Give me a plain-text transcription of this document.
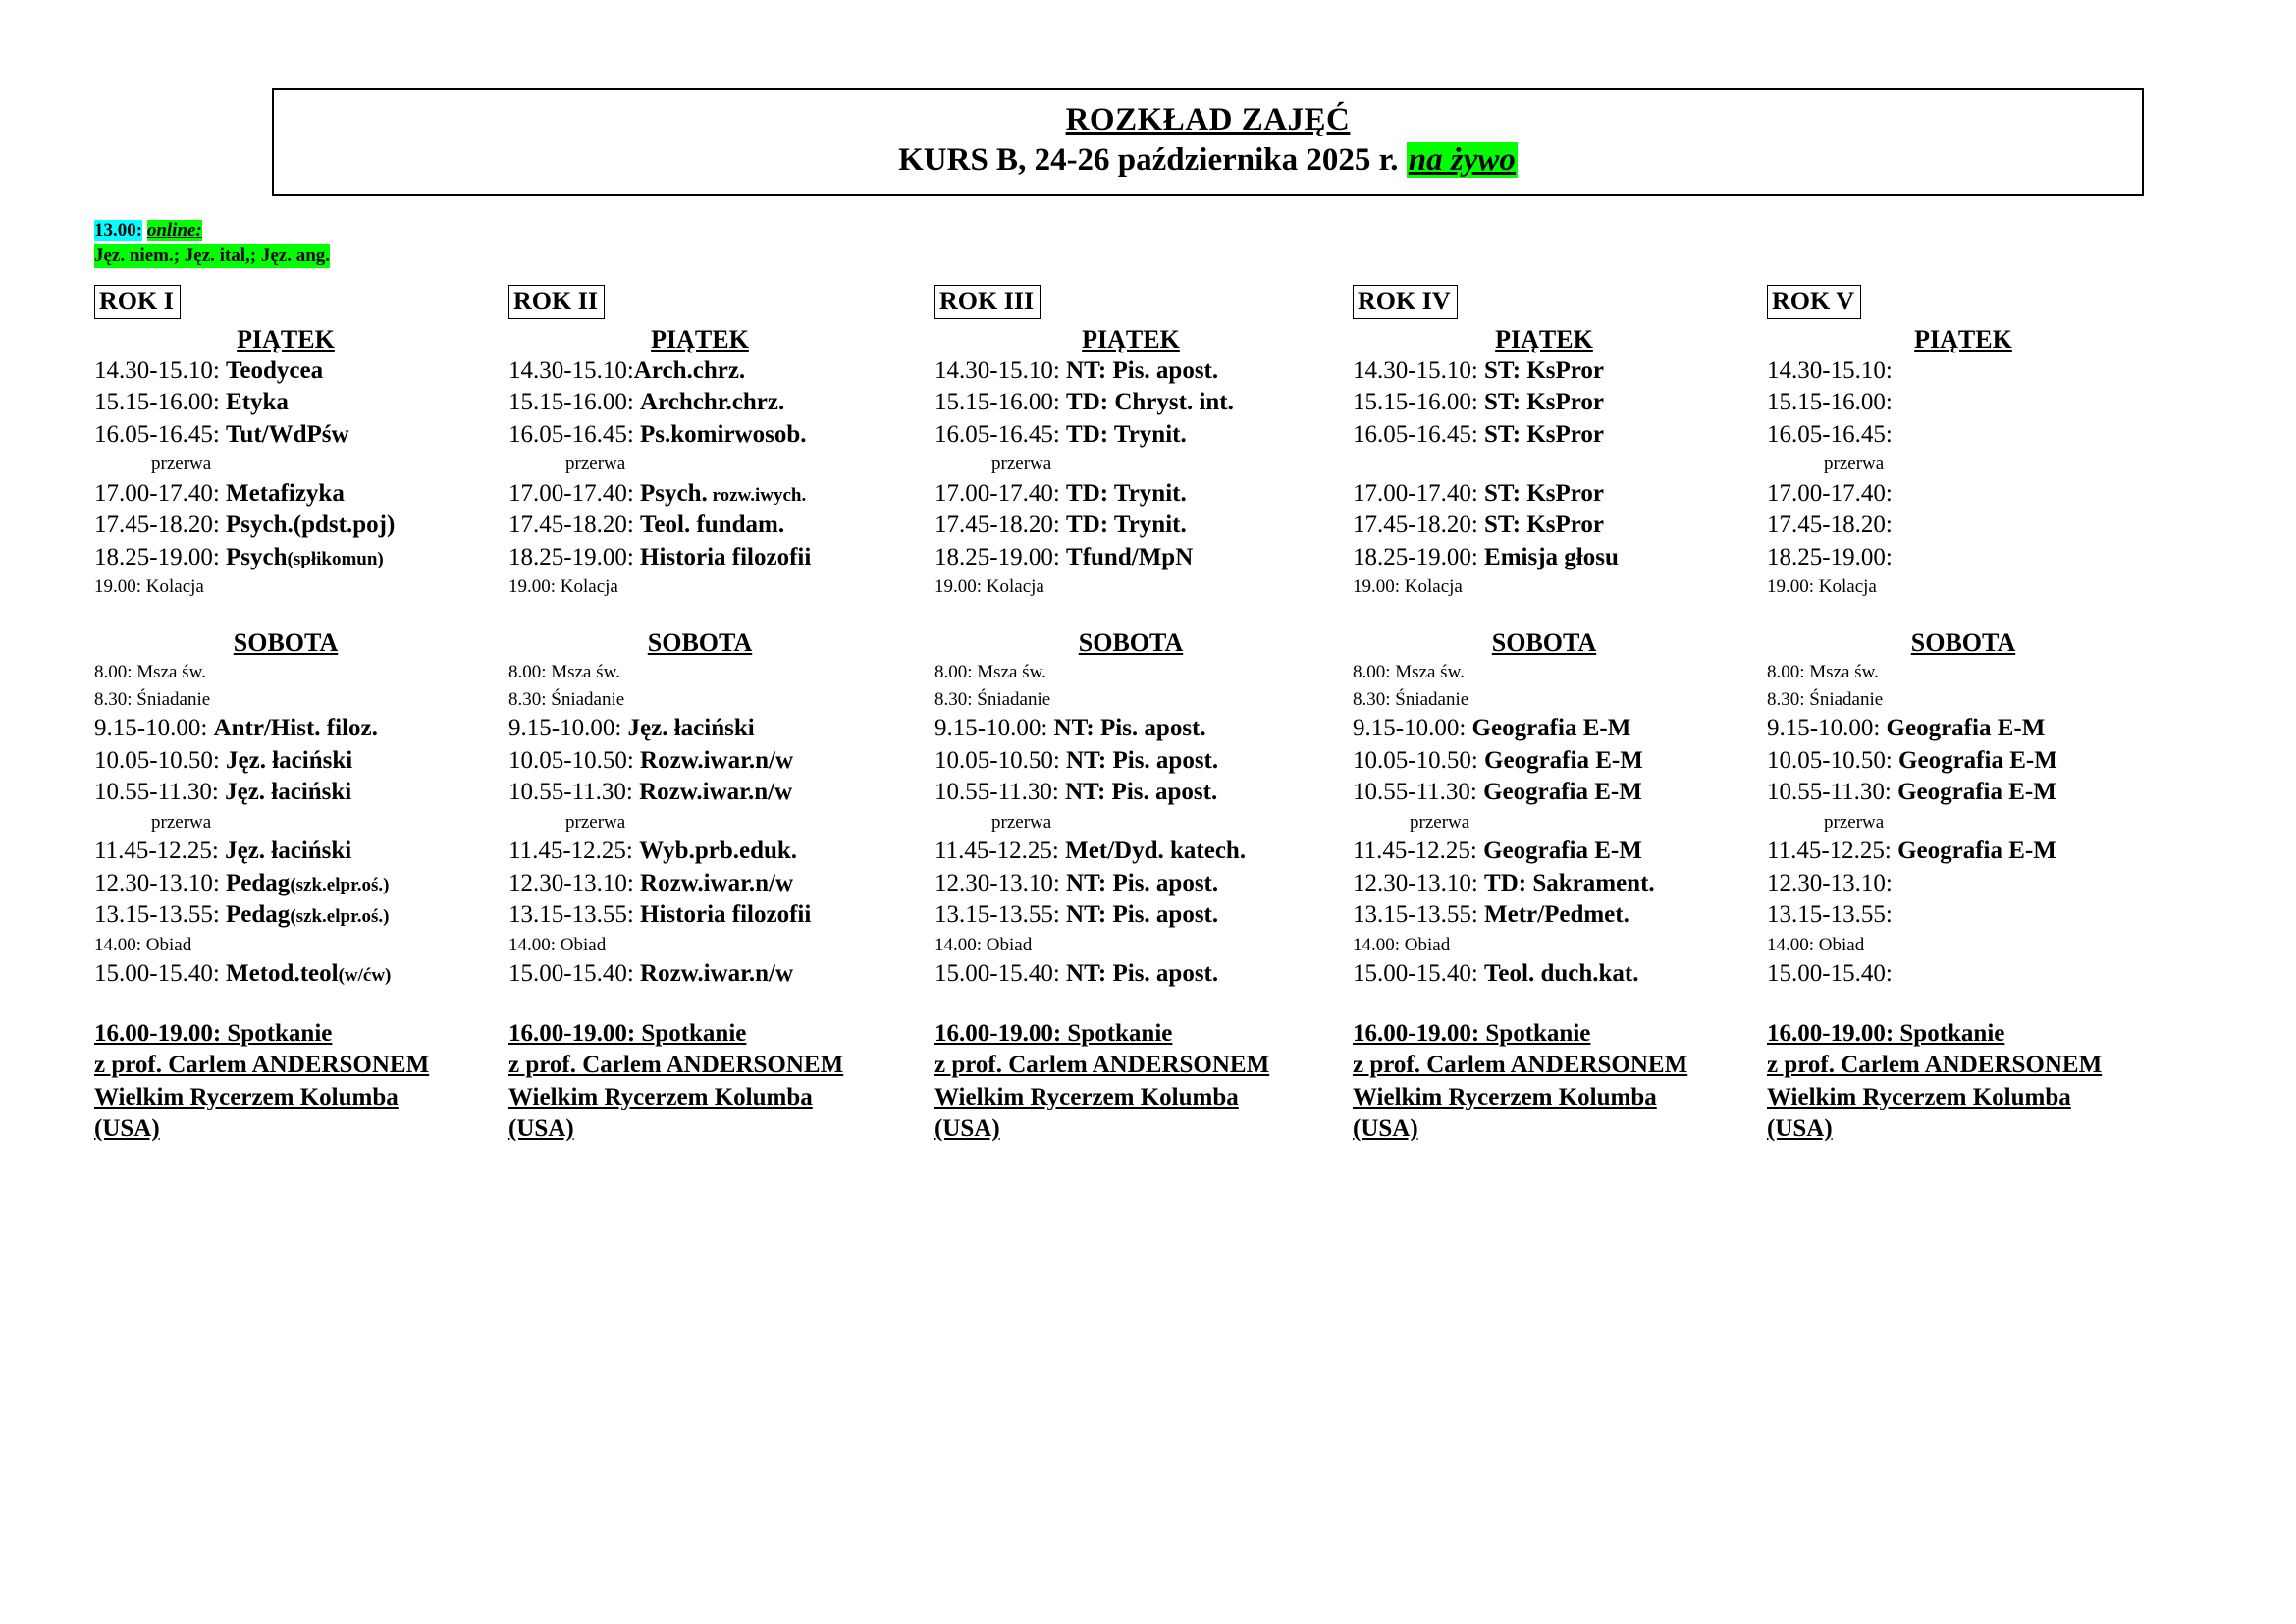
ROZKŁAD ZAJĘĆ
KURS B, 24-26 października 2025 r. na żywo
13.00: online:
Jęz. niem.; Jęz. ital,; Jęz. ang.
ROK I
PIĄTEK
14.30-15.10: Teodycea
15.15-16.00: Etyka
16.05-16.45: Tut/WdPśw
przerwa
17.00-17.40: Metafizyka
17.45-18.20: Psych.(pdst.poj)
18.25-19.00: Psych(spłikomun)
19.00: Kolacja
SOBOTA
8.00: Msza św.
8.30: Śniadanie
9.15-10.00: Antr/Hist. filoz.
10.05-10.50: Jęz. łaciński
10.55-11.30: Jęz. łaciński
przerwa
11.45-12.25: Jęz. łaciński
12.30-13.10: Pedag(szk.elpr.oś.)
13.15-13.55: Pedag(szk.elpr.oś.)
14.00: Obiad
15.00-15.40: Metod.teol(w/ćw)
16.00-19.00: Spotkanie
z prof. Carlem ANDERSONEM
Wielkim Rycerzem Kolumba
(USA)
ROK II
PIĄTEK
14.30-15.10:Arch.chrz.
15.15-16.00: Archchr.chrz.
16.05-16.45: Ps.komirwosob.
przerwa
17.00-17.40: Psych. rozw.iwych.
17.45-18.20: Teol. fundam.
18.25-19.00: Historia filozofii
19.00: Kolacja
SOBOTA
8.00: Msza św.
8.30: Śniadanie
9.15-10.00: Jęz. łaciński
10.05-10.50: Rozw.iwar.n/w
10.55-11.30: Rozw.iwar.n/w
przerwa
11.45-12.25: Wyb.prb.eduk.
12.30-13.10: Rozw.iwar.n/w
13.15-13.55: Historia filozofii
14.00: Obiad
15.00-15.40: Rozw.iwar.n/w
16.00-19.00: Spotkanie
z prof. Carlem ANDERSONEM
Wielkim Rycerzem Kolumba
(USA)
ROK III
PIĄTEK
14.30-15.10: NT: Pis. apost.
15.15-16.00: TD: Chryst. int.
16.05-16.45: TD: Trynit.
przerwa
17.00-17.40: TD: Trynit.
17.45-18.20: TD: Trynit.
18.25-19.00: Tfund/MpN
19.00: Kolacja
SOBOTA
8.00: Msza św.
8.30: Śniadanie
9.15-10.00: NT: Pis. apost.
10.05-10.50: NT: Pis. apost.
10.55-11.30: NT: Pis. apost.
przerwa
11.45-12.25: Met/Dyd. katech.
12.30-13.10: NT: Pis. apost.
13.15-13.55: NT: Pis. apost.
14.00: Obiad
15.00-15.40: NT: Pis. apost.
16.00-19.00: Spotkanie
z prof. Carlem ANDERSONEM
Wielkim Rycerzem Kolumba
(USA)
ROK IV
PIĄTEK
14.30-15.10: ST: KsPror
15.15-16.00: ST: KsPror
16.05-16.45: ST: KsPror

17.00-17.40: ST: KsPror
17.45-18.20: ST: KsPror
18.25-19.00: Emisja głosu
19.00: Kolacja
SOBOTA
8.00: Msza św.
8.30: Śniadanie
9.15-10.00: Geografia E-M
10.05-10.50: Geografia E-M
10.55-11.30: Geografia E-M
przerwa
11.45-12.25: Geografia E-M
12.30-13.10: TD: Sakrament.
13.15-13.55: Metr/Pedmet.
14.00: Obiad
15.00-15.40: Teol. duch.kat.
16.00-19.00: Spotkanie
z prof. Carlem ANDERSONEM
Wielkim Rycerzem Kolumba
(USA)
ROK V
PIĄTEK
14.30-15.10:
15.15-16.00:
16.05-16.45:
przerwa
17.00-17.40:
17.45-18.20:
18.25-19.00:
19.00: Kolacja
SOBOTA
8.00: Msza św.
8.30: Śniadanie
9.15-10.00: Geografia E-M
10.05-10.50: Geografia E-M
10.55-11.30: Geografia E-M
przerwa
11.45-12.25: Geografia E-M
12.30-13.10:
13.15-13.55:
14.00: Obiad
15.00-15.40:
16.00-19.00: Spotkanie
z prof. Carlem ANDERSONEM
Wielkim Rycerzem Kolumba
(USA)
